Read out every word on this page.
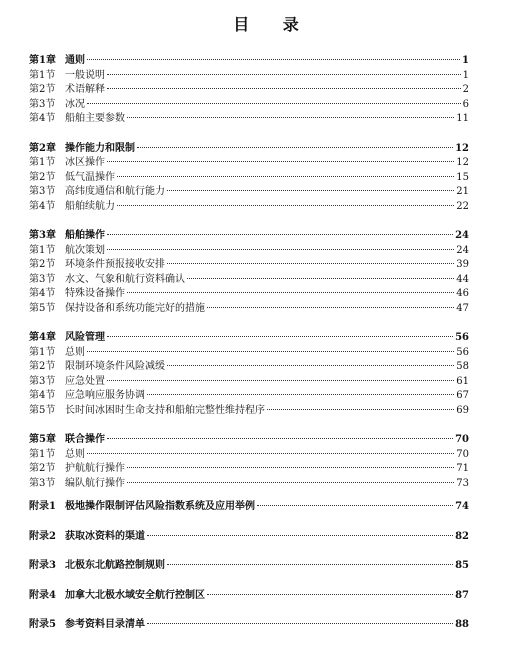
目 录
第1章 通则	1
第1节 一般说明	1
第2节 术语解释	2
第3节 冰况	6
第4节 船舶主要参数	11
第2章 操作能力和限制	12
第1节 冰区操作	12
第2节 低气温操作	15
第3节 高纬度通信和航行能力	21
第4节 船舶续航力	22
第3章 船舶操作	24
第1节 航次策划	24
第2节 环境条件预报接收安排	39
第3节 水文、气象和航行资料确认	44
第4节 特殊设备操作	46
第5节 保持设备和系统功能完好的措施	47
第4章 风险管理	56
第1节 总则	56
第2节 限制环境条件风险减缓	58
第3节 应急处置	61
第4节 应急响应服务协调	67
第5节 长时间冰困时生命支持和船舶完整性维持程序	69
第5章 联合操作	70
第1节 总则	70
第2节 护航航行操作	71
第3节 编队航行操作	73
附录1 极地操作限制评估风险指数系统及应用举例	74
附录2 获取冰资料的渠道	82
附录3 北极东北航路控制规则	85
附录4 加拿大北极水域安全航行控制区	87
附录5 参考资料目录清单	88
